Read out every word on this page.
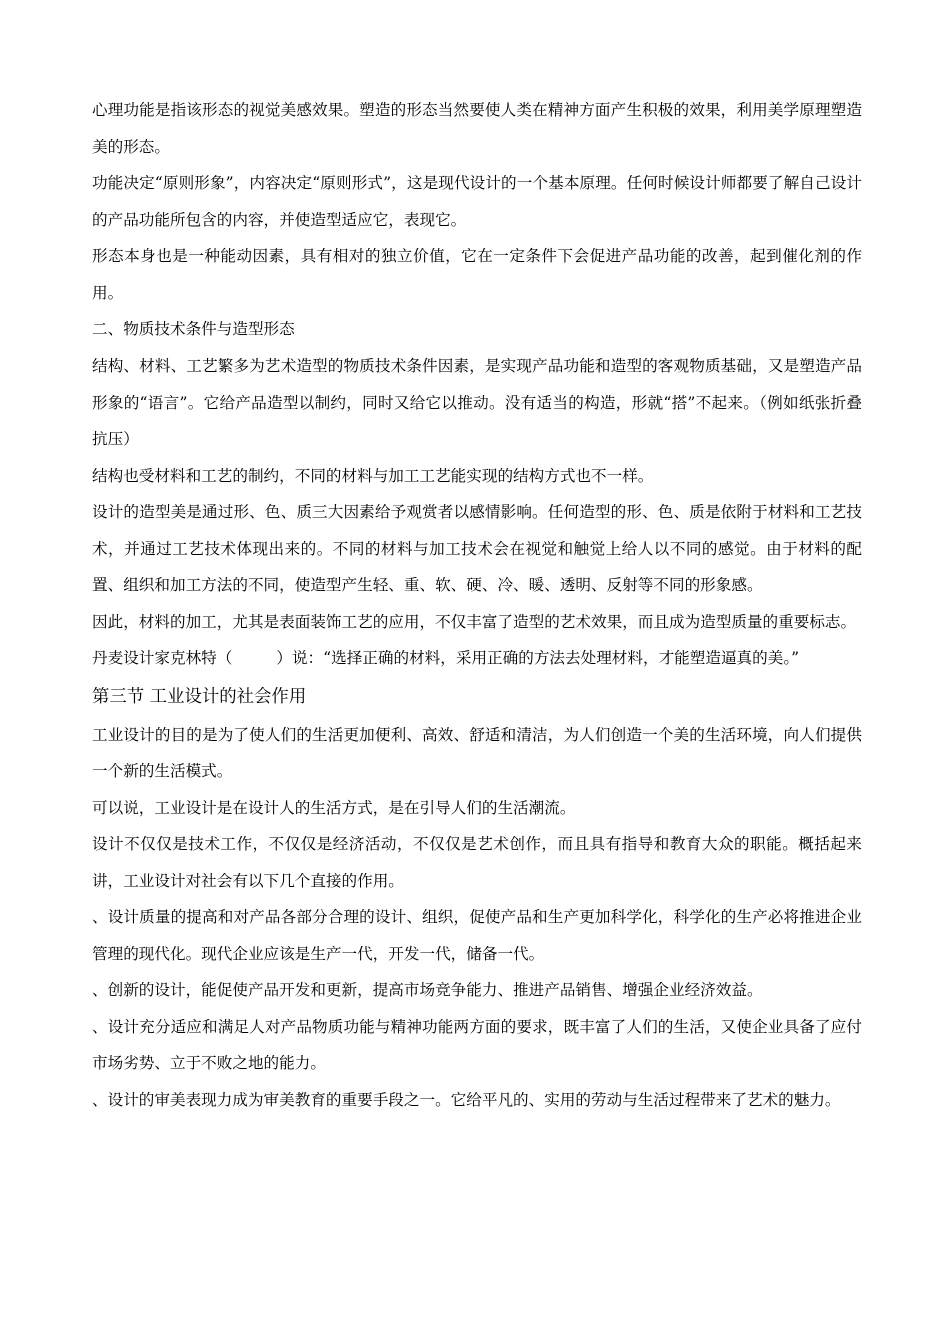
心理功能是指该形态的视觉美感效果。塑造的形态当然要使人类在精神方面产生积极的效果，利用美学原理塑造美的形态。

功能决定“原则形象”，内容决定“原则形式”，这是现代设计的一个基本原理。任何时候设计师都要了解自己设计的产品功能所包含的内容，并使造型适应它，表现它。

形态本身也是一种能动因素，具有相对的独立价值，它在一定条件下会促进产品功能的改善，起到催化剂的作用。

二、物质技术条件与造型形态

结构、材料、工艺繁多为艺术造型的物质技术条件因素，是实现产品功能和造型的客观物质基础，又是塑造产品形象的“语言”。它给产品造型以制约，同时又给它以推动。没有适当的构造，形就“搭”不起来。（例如纸张折叠抗压）

结构也受材料和工艺的制约，不同的材料与加工工艺能实现的结构方式也不一样。

设计的造型美是通过形、色、质三大因素给予观赏者以感情影响。任何造型的形、色、质是依附于材料和工艺技术，并通过工艺技术体现出来的。不同的材料与加工技术会在视觉和触觉上给人以不同的感觉。由于材料的配置、组织和加工方法的不同，使造型产生轻、重、软、硬、冷、暖、透明、反射等不同的形象感。

因此，材料的加工，尤其是表面装饰工艺的应用，不仅丰富了造型的艺术效果，而且成为造型质量的重要标志。

丹麦设计家克林特（	）说：“选择正确的材料，采用正确的方法去处理材料，才能塑造逼真的美。”

第三节 工业设计的社会作用

工业设计的目的是为了使人们的生活更加便利、高效、舒适和清洁，为人们创造一个美的生活环境，向人们提供一个新的生活模式。

可以说，工业设计是在设计人的生活方式，是在引导人们的生活潮流。

设计不仅仅是技术工作，不仅仅是经济活动，不仅仅是艺术创作，而且具有指导和教育大众的职能。概括起来讲，工业设计对社会有以下几个直接的作用。

、设计质量的提高和对产品各部分合理的设计、组织，促使产品和生产更加科学化，科学化的生产必将推进企业管理的现代化。现代企业应该是生产一代，开发一代，储备一代。

、创新的设计，能促使产品开发和更新，提高市场竞争能力、推进产品销售、增强企业经济效益。

、设计充分适应和满足人对产品物质功能与精神功能两方面的要求，既丰富了人们的生活，又使企业具备了应付市场劣势、立于不败之地的能力。

、设计的审美表现力成为审美教育的重要手段之一。它给平凡的、实用的劳动与生活过程带来了艺术的魅力。
